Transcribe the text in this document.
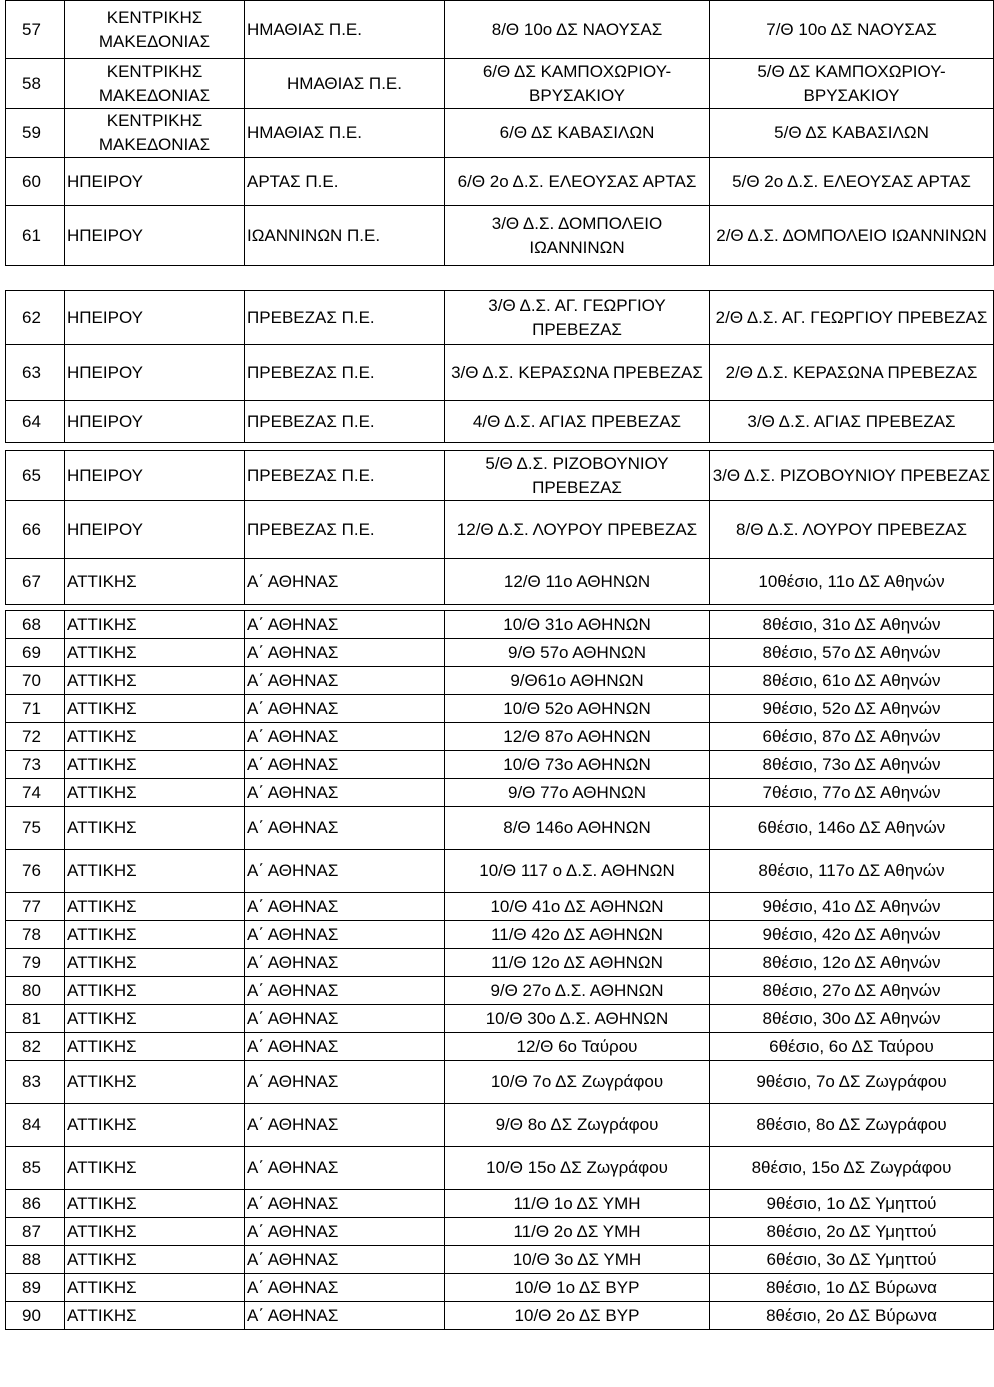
57	ΚΕΝΤΡΙΚΗΣ ΜΑΚΕΔΟΝΙΑΣ	ΗΜΑΘΙΑΣ Π.Ε.	8/Θ 10ο ΔΣ ΝΑΟΥΣΑΣ	7/Θ 10ο ΔΣ ΝΑΟΥΣΑΣ
58	ΚΕΝΤΡΙΚΗΣ ΜΑΚΕΔΟΝΙΑΣ	ΗΜΑΘΙΑΣ Π.Ε.	6/Θ ΔΣ ΚΑΜΠΟΧΩΡΙΟΥ-ΒΡΥΣΑΚΙΟΥ	5/Θ ΔΣ ΚΑΜΠΟΧΩΡΙΟΥ-ΒΡΥΣΑΚΙΟΥ
59	ΚΕΝΤΡΙΚΗΣ ΜΑΚΕΔΟΝΙΑΣ	ΗΜΑΘΙΑΣ Π.Ε.	6/Θ ΔΣ ΚΑΒΑΣΙΛΩΝ	5/Θ ΔΣ ΚΑΒΑΣΙΛΩΝ
60	ΗΠΕΙΡΟΥ	ΑΡΤΑΣ Π.Ε.	6/Θ 2ο Δ.Σ. ΕΛΕΟΥΣΑΣ ΑΡΤΑΣ	5/Θ 2ο Δ.Σ. ΕΛΕΟΥΣΑΣ ΑΡΤΑΣ
61	ΗΠΕΙΡΟΥ	ΙΩΑΝΝΙΝΩΝ Π.Ε.	3/Θ Δ.Σ. ΔΟΜΠΟΛΕΙΟ ΙΩΑΝΝΙΝΩΝ	2/Θ Δ.Σ. ΔΟΜΠΟΛΕΙΟ ΙΩΑΝΝΙΝΩΝ
62	ΗΠΕΙΡΟΥ	ΠΡΕΒΕΖΑΣ Π.Ε.	3/Θ Δ.Σ. ΑΓ. ΓΕΩΡΓΙΟΥ ΠΡΕΒΕΖΑΣ	2/Θ Δ.Σ. ΑΓ. ΓΕΩΡΓΙΟΥ ΠΡΕΒΕΖΑΣ
63	ΗΠΕΙΡΟΥ	ΠΡΕΒΕΖΑΣ Π.Ε.	3/Θ Δ.Σ. ΚΕΡΑΣΩΝΑ ΠΡΕΒΕΖΑΣ	2/Θ Δ.Σ. ΚΕΡΑΣΩΝΑ ΠΡΕΒΕΖΑΣ
64	ΗΠΕΙΡΟΥ	ΠΡΕΒΕΖΑΣ Π.Ε.	4/Θ Δ.Σ. ΑΓΙΑΣ ΠΡΕΒΕΖΑΣ	3/Θ Δ.Σ. ΑΓΙΑΣ ΠΡΕΒΕΖΑΣ
65	ΗΠΕΙΡΟΥ	ΠΡΕΒΕΖΑΣ Π.Ε.	5/Θ Δ.Σ. ΡΙΖΟΒΟΥΝΙΟΥ ΠΡΕΒΕΖΑΣ	3/Θ Δ.Σ. ΡΙΖΟΒΟΥΝΙΟΥ ΠΡΕΒΕΖΑΣ
66	ΗΠΕΙΡΟΥ	ΠΡΕΒΕΖΑΣ Π.Ε.	12/Θ Δ.Σ. ΛΟΥΡΟΥ ΠΡΕΒΕΖΑΣ	8/Θ Δ.Σ. ΛΟΥΡΟΥ ΠΡΕΒΕΖΑΣ
67	ΑΤΤΙΚΗΣ	Α΄ ΑΘΗΝΑΣ	12/Θ 11ο ΑΘΗΝΩΝ	10θέσιο, 11ο ΔΣ Αθηνών
68	ΑΤΤΙΚΗΣ	Α΄ ΑΘΗΝΑΣ	10/Θ 31ο ΑΘΗΝΩΝ	8θέσιο, 31ο ΔΣ Αθηνών
69	ΑΤΤΙΚΗΣ	Α΄ ΑΘΗΝΑΣ	9/Θ 57ο ΑΘΗΝΩΝ	8θέσιο, 57ο ΔΣ Αθηνών
70	ΑΤΤΙΚΗΣ	Α΄ ΑΘΗΝΑΣ	9/Θ61ο ΑΘΗΝΩΝ	8θέσιο, 61ο ΔΣ Αθηνών
71	ΑΤΤΙΚΗΣ	Α΄ ΑΘΗΝΑΣ	10/Θ 52ο ΑΘΗΝΩΝ	9θέσιο, 52ο ΔΣ Αθηνών
72	ΑΤΤΙΚΗΣ	Α΄ ΑΘΗΝΑΣ	12/Θ 87ο ΑΘΗΝΩΝ	6θέσιο, 87ο ΔΣ Αθηνών
73	ΑΤΤΙΚΗΣ	Α΄ ΑΘΗΝΑΣ	10/Θ 73ο ΑΘΗΝΩΝ	8θέσιο, 73ο ΔΣ Αθηνών
74	ΑΤΤΙΚΗΣ	Α΄ ΑΘΗΝΑΣ	9/Θ 77ο ΑΘΗΝΩΝ	7θέσιο, 77ο ΔΣ Αθηνών
75	ΑΤΤΙΚΗΣ	Α΄ ΑΘΗΝΑΣ	8/Θ 146ο ΑΘΗΝΩΝ	6θέσιο, 146ο ΔΣ Αθηνών
76	ΑΤΤΙΚΗΣ	Α΄ ΑΘΗΝΑΣ	10/Θ 117 ο Δ.Σ. ΑΘΗΝΩΝ	8θέσιο, 117ο ΔΣ Αθηνών
77	ΑΤΤΙΚΗΣ	Α΄ ΑΘΗΝΑΣ	10/Θ 41ο ΔΣ ΑΘΗΝΩΝ	9θέσιο, 41ο ΔΣ Αθηνών
78	ΑΤΤΙΚΗΣ	Α΄ ΑΘΗΝΑΣ	11/Θ 42ο ΔΣ ΑΘΗΝΩΝ	9θέσιο, 42ο ΔΣ Αθηνών
79	ΑΤΤΙΚΗΣ	Α΄ ΑΘΗΝΑΣ	11/Θ 12ο ΔΣ ΑΘΗΝΩΝ	8θέσιο, 12ο ΔΣ Αθηνών
80	ΑΤΤΙΚΗΣ	Α΄ ΑΘΗΝΑΣ	9/Θ 27ο Δ.Σ. ΑΘΗΝΩΝ	8θέσιο, 27ο ΔΣ Αθηνών
81	ΑΤΤΙΚΗΣ	Α΄ ΑΘΗΝΑΣ	10/Θ 30ο Δ.Σ. ΑΘΗΝΩΝ	8θέσιο, 30ο ΔΣ Αθηνών
82	ΑΤΤΙΚΗΣ	Α΄ ΑΘΗΝΑΣ	12/Θ 6ο Ταύρου	6θέσιο, 6ο ΔΣ Ταύρου
83	ΑΤΤΙΚΗΣ	Α΄ ΑΘΗΝΑΣ	10/Θ 7ο ΔΣ Ζωγράφου	9θέσιο, 7ο ΔΣ Ζωγράφου
84	ΑΤΤΙΚΗΣ	Α΄ ΑΘΗΝΑΣ	9/Θ 8ο ΔΣ Ζωγράφου	8θέσιο, 8ο ΔΣ Ζωγράφου
85	ΑΤΤΙΚΗΣ	Α΄ ΑΘΗΝΑΣ	10/Θ 15ο ΔΣ Ζωγράφου	8θέσιο, 15ο ΔΣ Ζωγράφου
86	ΑΤΤΙΚΗΣ	Α΄ ΑΘΗΝΑΣ	11/Θ 1ο ΔΣ ΥΜΗ	9θέσιο, 1ο ΔΣ Υμηττού
87	ΑΤΤΙΚΗΣ	Α΄ ΑΘΗΝΑΣ	11/Θ 2ο ΔΣ ΥΜΗ	8θέσιο, 2ο ΔΣ Υμηττού
88	ΑΤΤΙΚΗΣ	Α΄ ΑΘΗΝΑΣ	10/Θ 3ο ΔΣ ΥΜΗ	6θέσιο, 3ο ΔΣ Υμηττού
89	ΑΤΤΙΚΗΣ	Α΄ ΑΘΗΝΑΣ	10/Θ 1ο ΔΣ ΒΥΡ	8θέσιο, 1ο ΔΣ Βύρωνα
90	ΑΤΤΙΚΗΣ	Α΄ ΑΘΗΝΑΣ	10/Θ 2ο ΔΣ ΒΥΡ	8θέσιο, 2ο ΔΣ Βύρωνα
